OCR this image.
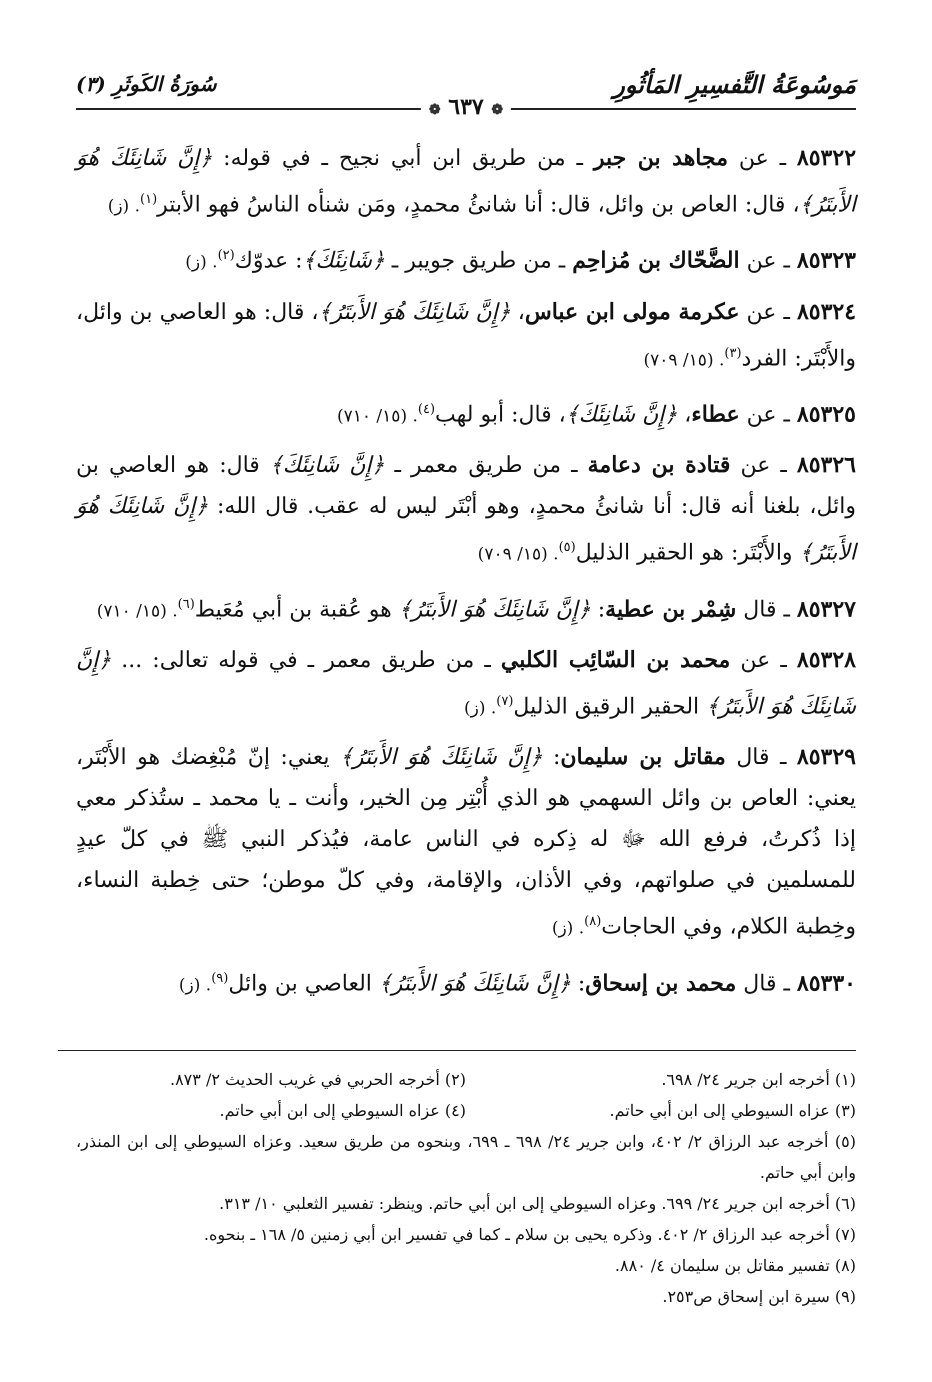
مَوسُوعَةُ التَّفسِيرِ المَأثُورِ
سُورَةُ الكَوثَرِ (٣)
❁ ٦٣٧ ❁

٨٥٣٢٢ ـ عن مجاهد بن جبر ـ من طريق ابن أبي نجيح ـ في قوله: ﴿إِنَّ شَانِئَكَ هُوَ الأَبتَرُ﴾، قال: العاص بن وائل، قال: أنا شانئُ محمدٍ، ومَن شنأه الناسُ فهو الأبتر$^{(١)}$. (ز)

٨٥٣٢٣ ـ عن الضَّحّاك بن مُزاحِم ـ من طريق جويبر ـ ﴿شَانِئَكَ﴾: عدوّك$^{(٢)}$. (ز)

٨٥٣٢٤ ـ عن عكرمة مولى ابن عباس، ﴿إِنَّ شَانِئَكَ هُوَ الأَبتَرُ﴾، قال: هو العاصي بن وائل، والأَبْتَر: الفرد$^{(٣)}$. (١٥/ ٧٠٩)

٨٥٣٢٥ ـ عن عطاء، ﴿إِنَّ شَانِئَكَ﴾، قال: أبو لهب$^{(٤)}$. (١٥/ ٧١٠)

٨٥٣٢٦ ـ عن قتادة بن دعامة ـ من طريق معمر ـ ﴿إِنَّ شَانِئَكَ﴾ قال: هو العاصي بن وائل، بلغنا أنه قال: أنا شانئُ محمدٍ، وهو أبْتَر ليس له عقب. قال الله: ﴿إِنَّ شَانِئَكَ هُوَ الأَبتَرُ﴾ والأَبْتَر: هو الحقير الذليل$^{(٥)}$. (١٥/ ٧٠٩)

٨٥٣٢٧ ـ قال شِمْر بن عطية: ﴿إِنَّ شَانِئَكَ هُوَ الأَبتَرُ﴾ هو عُقبة بن أبي مُعَيط$^{(٦)}$. (١٥/ ٧١٠)

٨٥٣٢٨ ـ عن محمد بن السّائِب الكلبي ـ من طريق معمر ـ في قوله تعالى: ... ﴿إِنَّ شَانِئَكَ هُوَ الأَبتَرُ﴾ الحقير الرقيق الذليل$^{(٧)}$. (ز)

٨٥٣٢٩ ـ قال مقاتل بن سليمان: ﴿إِنَّ شَانِئَكَ هُوَ الأَبتَرُ﴾ يعني: إنّ مُبْغِضك هو الأَبْتَر، يعني: العاص بن وائل السهمي هو الذي أُبْتِر مِن الخير، وأنت ـ يا محمد ـ ستُذكر معي إذا ذُكرتُ، فرفع الله ﷻ له ذِكره في الناس عامة، فيُذكر النبي ﷺ في كلّ عيدٍ للمسلمين في صلواتهم، وفي الأذان، والإقامة، وفي كلّ موطن؛ حتى خِطبة النساء، وخِطبة الكلام، وفي الحاجات$^{(٨)}$. (ز)

٨٥٣٣٠ ـ قال محمد بن إسحاق: ﴿إِنَّ شَانِئَكَ هُوَ الأَبتَرُ﴾ العاصي بن وائل$^{(٩)}$. (ز)

(١) أخرجه ابن جرير ٢٤/ ٦٩٨.
(٢) أخرجه الحربي في غريب الحديث ٢/ ٨٧٣.
(٣) عزاه السيوطي إلى ابن أبي حاتم.
(٤) عزاه السيوطي إلى ابن أبي حاتم.
(٥) أخرجه عبد الرزاق ٢/ ٤٠٢، وابن جرير ٢٤/ ٦٩٨ ـ ٦٩٩، وبنحوه من طريق سعيد. وعزاه السيوطي إلى ابن المنذر، وابن أبي حاتم.
(٦) أخرجه ابن جرير ٢٤/ ٦٩٩. وعزاه السيوطي إلى ابن أبي حاتم. وينظر: تفسير الثعلبي ١٠/ ٣١٣.
(٧) أخرجه عبد الرزاق ٢/ ٤٠٢. وذكره يحيى بن سلام ـ كما في تفسير ابن أبي زمنين ٥/ ١٦٨ ـ بنحوه.
(٨) تفسير مقاتل بن سليمان ٤/ ٨٨٠.
(٩) سيرة ابن إسحاق ص٢٥٣.
